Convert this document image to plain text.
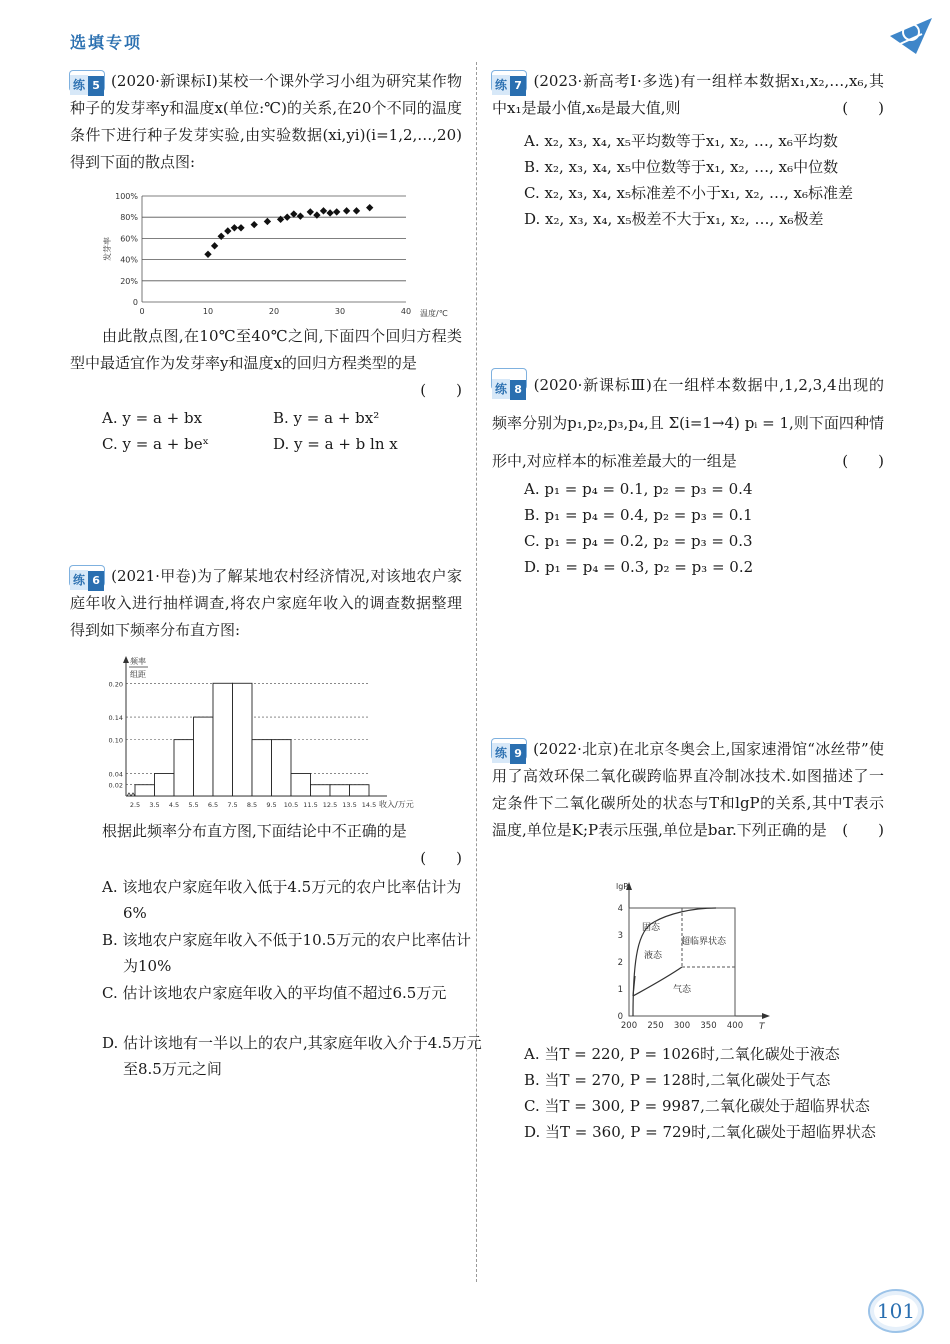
选填专项
练 5 (2020·新课标Ⅰ)某校一个课外学习小组为研究某作物种子的发芽率y和温度x(单位:℃)的关系,在20个不同的温度条件下进行种子发芽实验,由实验数据(xi,yi)(i=1,2,…,20)得到下面的散点图:
0
20%
40%
60%
80%
100%
0	10	20	30	40 温度/℃
发芽率
由此散点图,在10℃至40℃之间,下面四个回归方程类型中最适宜作为发芽率y和温度x的回归方程类型的是
(　　)
A. y = a + bx	B. y = a + bx²
C. y = a + beˣ	D. y = a + b ln x
练 6 (2021·甲卷)为了解某地农村经济情况,对该地农户家庭年收入进行抽样调查,将农户家庭年收入的调查数据整理得到如下频率分布直方图:
频率
组距
0.02
0.04
0.10
0.14
0.20
2.5 3.5 4.5 5.5 6.5 7.5 8.5 9.5 10.5 11.5 12.5 13.5 14.5 收入/万元
根据此频率分布直方图,下面结论中不正确的是
(　　)
A. 该地农户家庭年收入低于4.5万元的农户比率估计为6%
B. 该地农户家庭年收入不低于10.5万元的农户比率估计为10%
C. 估计该地农户家庭年收入的平均值不超过6.5万元
D. 估计该地有一半以上的农户,其家庭年收入介于4.5万元至8.5万元之间
练 7 (2023·新高考Ⅰ·多选)有一组样本数据x₁,x₂,…,x₆,其中x₁是最小值,x₆是最大值,则	(　　)
A. x₂, x₃, x₄, x₅平均数等于x₁, x₂, …, x₆平均数
B. x₂, x₃, x₄, x₅中位数等于x₁, x₂, …, x₆中位数
C. x₂, x₃, x₄, x₅标准差不小于x₁, x₂, …, x₆标准差
D. x₂, x₃, x₄, x₅极差不大于x₁, x₂, …, x₆极差
练 8 (2020·新课标Ⅲ)在一组样本数据中,1,2,3,4出现的频率分别为p₁,p₂,p₃,p₄,且 Σ(i=1→4) pᵢ = 1,则下面四种情形中,对应样本的标准差最大的一组是	(　　)
A. p₁ = p₄ = 0.1, p₂ = p₃ = 0.4
B. p₁ = p₄ = 0.4, p₂ = p₃ = 0.1
C. p₁ = p₄ = 0.2, p₂ = p₃ = 0.3
D. p₁ = p₄ = 0.3, p₂ = p₃ = 0.2
练 9 (2022·北京)在北京冬奥会上,国家速滑馆“冰丝带”使用了高效环保二氧化碳跨临界直冷制冰技术.如图描述了一定条件下二氧化碳所处的状态与T和lgP的关系,其中T表示温度,单位是K;P表示压强,单位是bar.下列正确的是 (　　)
200 250 300 350 400
0
1
2
3
4
lgP
T
固态
液态
超临界状态
气态
A. 当T = 220, P = 1026时,二氧化碳处于液态
B. 当T = 270, P = 128时,二氧化碳处于气态
C. 当T = 300, P = 9987,二氧化碳处于超临界状态
D. 当T = 360, P = 729时,二氧化碳处于超临界状态
101
